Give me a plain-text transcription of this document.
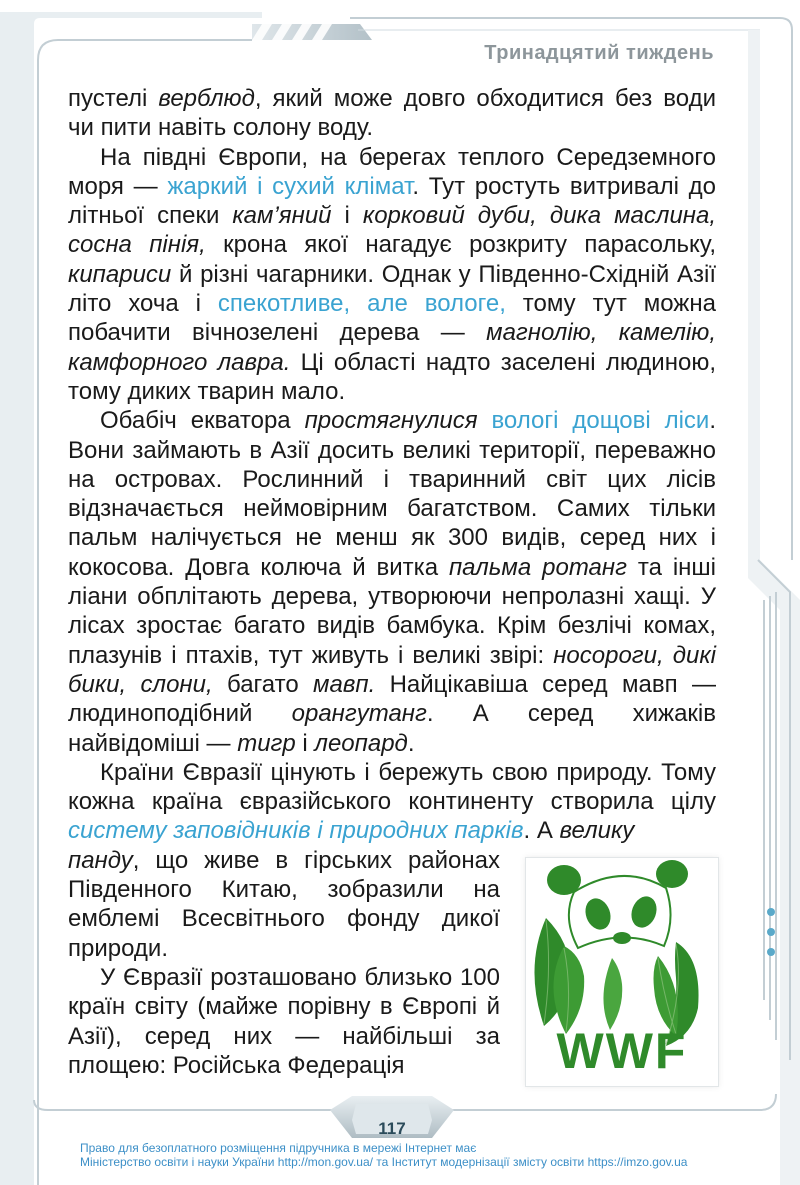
Тринадцятий тиждень

пустелі верблюд, який може довго обходитися без води чи пити навіть солону воду.

На півдні Європи, на берегах теплого Середземного моря — жаркий і сухий клімат. Тут ростуть витривалі до літньої спеки кам’яний і корковий дуби, дика маслина, сосна пінія, крона якої нагадує розкриту парасольку, кипариси й різні чагарники. Однак у Південно-Східній Азії літо хоча і спекотливе, але вологе, тому тут можна побачити вічнозелені дерева — магнолію, камелію, камфорного лавра. Ці області надто заселені людиною, тому диких тварин мало.

Обабіч екватора простягнулися вологі дощові ліси. Вони займають в Азії досить великі території, переважно на островах. Рослинний і тваринний світ цих лісів відзначається неймовірним багатством. Самих тільки пальм налічується не менш як 300 видів, серед них і кокосова. Довга колюча й витка пальма ротанг та інші ліани обплітають дерева, утворюючи непролазні хащі. У лісах зростає багато видів бамбука. Крім безлічі комах, плазунів і птахів, тут живуть і великі звірі: носороги, дикі бики, слони, багато мавп. Найцікавіша серед мавп — людиноподібний орангутанг. А серед хижаків найвідоміші — тигр і леопард.

Країни Євразії цінують і бережуть свою природу. Тому кожна країна євразійського континенту створила цілу систему заповідників і природних парків. А велику

панду, що живе в гірських районах Південного Китаю, зобразили на емблемі Всесвітнього фонду дикої природи.

У Євразії розташовано близько 100 країн світу (майже порівну в Європі й Азії), серед них — найбільші за площею: Російська Федерація	WWF
117
Право для безоплатного розміщення підручника в мережі Інтернет має
Міністерство освіти і науки України http://mon.gov.ua/ та Інститут модернізації змісту освіти https://imzo.gov.ua
